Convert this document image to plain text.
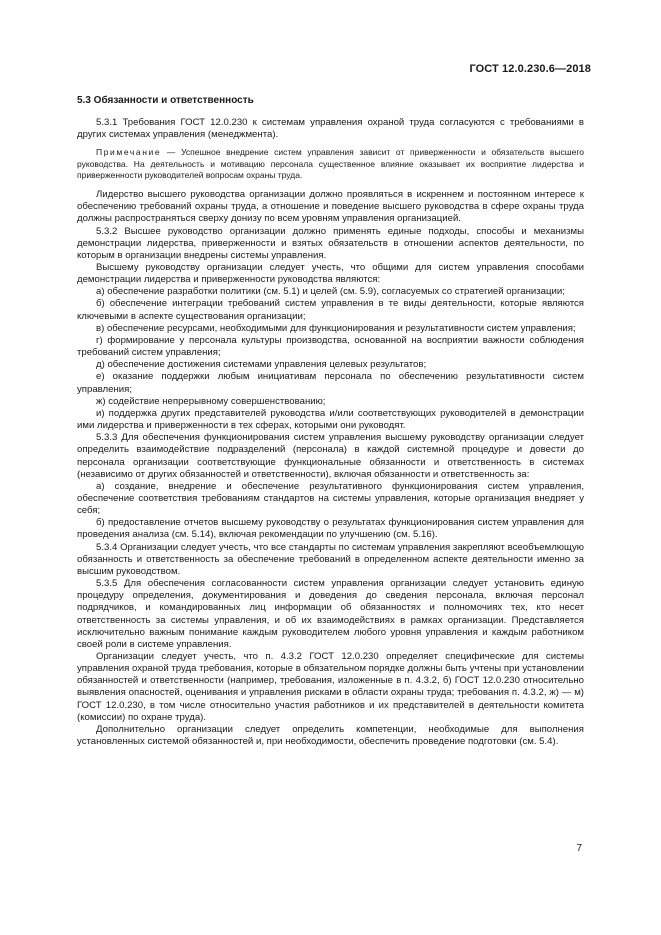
ГОСТ 12.0.230.6—2018
5.3 Обязанности и ответственность

5.3.1 Требования ГОСТ 12.0.230 к системам управления охраной труда согласуются с требованиями в других системах управления (менеджмента).

Примечание — Успешное внедрение систем управления зависит от приверженности и обязательств высшего руководства. На деятельность и мотивацию персонала существенное влияние оказывает их восприятие лидерства и приверженности руководителей вопросам охраны труда.

Лидерство высшего руководства организации должно проявляться в искреннем и постоянном интересе к обеспечению требований охраны труда, а отношение и поведение высшего руководства в сфере охраны труда должны распространяться сверху донизу по всем уровням управления организацией.

5.3.2 Высшее руководство организации должно применять единые подходы, способы и механизмы демонстрации лидерства, приверженности и взятых обязательств в отношении аспектов деятельности, по которым в организации внедрены системы управления.

Высшему руководству организации следует учесть, что общими для систем управления способами демонстрации лидерства и приверженности руководства являются:

а) обеспечение разработки политики (см. 5.1) и целей (см. 5.9), согласуемых со стратегией организации;

б) обеспечение интеграции требований систем управления в те виды деятельности, которые являются ключевыми в аспекте существования организации;

в) обеспечение ресурсами, необходимыми для функционирования и результативности систем управления;

г) формирование у персонала культуры производства, основанной на восприятии важности соблюдения требований систем управления;

д) обеспечение достижения системами управления целевых результатов;

е) оказание поддержки любым инициативам персонала по обеспечению результативности систем управления;

ж) содействие непрерывному совершенствованию;

и) поддержка других представителей руководства и/или соответствующих руководителей в демонстрации ими лидерства и приверженности в тех сферах, которыми они руководят.

5.3.3 Для обеспечения функционирования систем управления высшему руководству организации следует определить взаимодействие подразделений (персонала) в каждой системной процедуре и довести до персонала организации соответствующие функциональные обязанности и ответственность в системах (независимо от других обязанностей и ответственности), включая обязанности и ответственность за:

а) создание, внедрение и обеспечение результативного функционирования систем управления, обеспечение соответствия требованиям стандартов на системы управления, которые организация внедряет у себя;

б) предоставление отчетов высшему руководству о результатах функционирования систем управления для проведения анализа (см. 5.14), включая рекомендации по улучшению (см. 5.16).

5.3.4 Организации следует учесть, что все стандарты по системам управления закрепляют всеобъемлющую обязанность и ответственность за обеспечение требований в определенном аспекте деятельности именно за высшим руководством.

5.3.5 Для обеспечения согласованности систем управления организации следует установить единую процедуру определения, документирования и доведения до сведения персонала, включая персонал подрядчиков, и командированных лиц информации об обязанностях и полномочиях тех, кто несет ответственность за системы управления, и об их взаимодействиях в рамках организации. Представляется исключительно важным понимание каждым руководителем любого уровня управления и каждым работником своей роли в системе управления.

Организации следует учесть, что п. 4.3.2 ГОСТ 12.0.230 определяет специфические для системы управления охраной труда требования, которые в обязательном порядке должны быть учтены при установлении обязанностей и ответственности (например, требования, изложенные в п. 4.3.2, б) ГОСТ 12.0.230 относительно выявления опасностей, оценивания и управления рисками в области охраны труда; требования п. 4.3.2, ж) — м) ГОСТ 12.0.230, в том числе относительно участия работников и их представителей в деятельности комитета (комиссии) по охране труда).

Дополнительно организации следует определить компетенции, необходимые для выполнения установленных системой обязанностей и, при необходимости, обеспечить проведение подготовки (см. 5.4).

7
